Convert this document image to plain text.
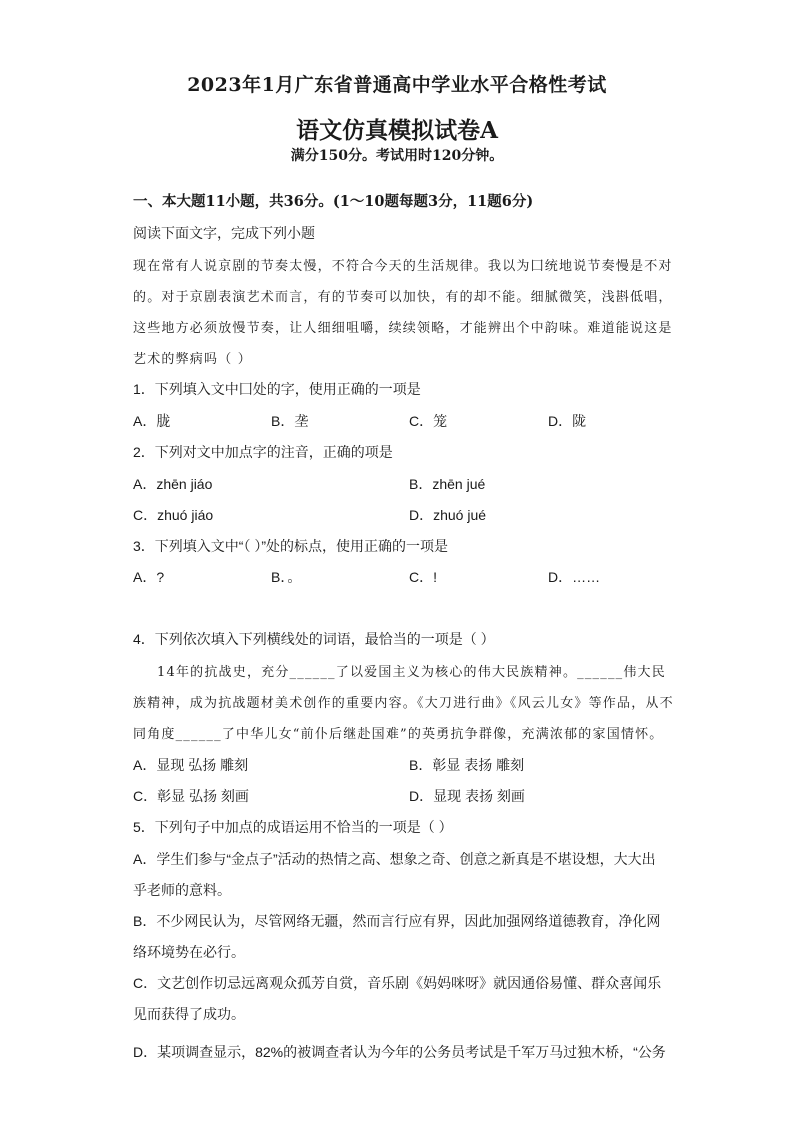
2023年1月广东省普通高中学业水平合格性考试
语文仿真模拟试卷A
满分150分。考试用时120分钟。
一、本大题11小题，共36分。(1～10题每题3分，11题6分)
阅读下面文字，完成下列小题
现在常有人说京剧的节奏太慢，不符合今天的生活规律。我以为囗统地说节奏慢是不对
的。对于京剧表演艺术而言，有的节奏可以加快，有的却不能。细腻微笑，浅斟低唱，
这些地方必须放慢节奏，让人细细咀嚼，续续领略，才能辨出个中韵味。难道能说这是
艺术的弊病吗（ ）
1．下列填入文中囗处的字，使用正确的一项是
A．胧	B．垄	C．笼	D．陇
2．下列对文中加点字的注音，正确的项是
A．zhēn jiáo	B．zhēn jué
C．zhuó jiáo	D．zhuó jué
3．下列填入文中“（ ）”处的标点，使用正确的一项是
A．?	B．。	C．!	D．……
4．下列依次填入下列横线处的词语，最恰当的一项是（ ）
14年的抗战史，充分______了以爱国主义为核心的伟大民族精神。______伟大民
族精神，成为抗战题材美术创作的重要内容。《大刀进行曲》《风云儿女》等作品，从不
同角度______了中华儿女“前仆后继赴国难”的英勇抗争群像，充满浓郁的家国情怀。
A．显现 弘扬 雕刻	B．彰显 表扬 雕刻
C．彰显 弘扬 刻画	D．显现 表扬 刻画
5．下列句子中加点的成语运用不恰当的一项是（ ）
A．学生们参与“金点子”活动的热情之高、想象之奇、创意之新真是不堪设想，大大出
乎老师的意料。
B．不少网民认为，尽管网络无疆，然而言行应有界，因此加强网络道德教育，净化网
络环境势在必行。
C．文艺创作切忌远离观众孤芳自赏，音乐剧《妈妈咪呀》就因通俗易懂、群众喜闻乐
见而获得了成功。
D．某项调查显示，82%的被调查者认为今年的公务员考试是千军万马过独木桥，“公务
